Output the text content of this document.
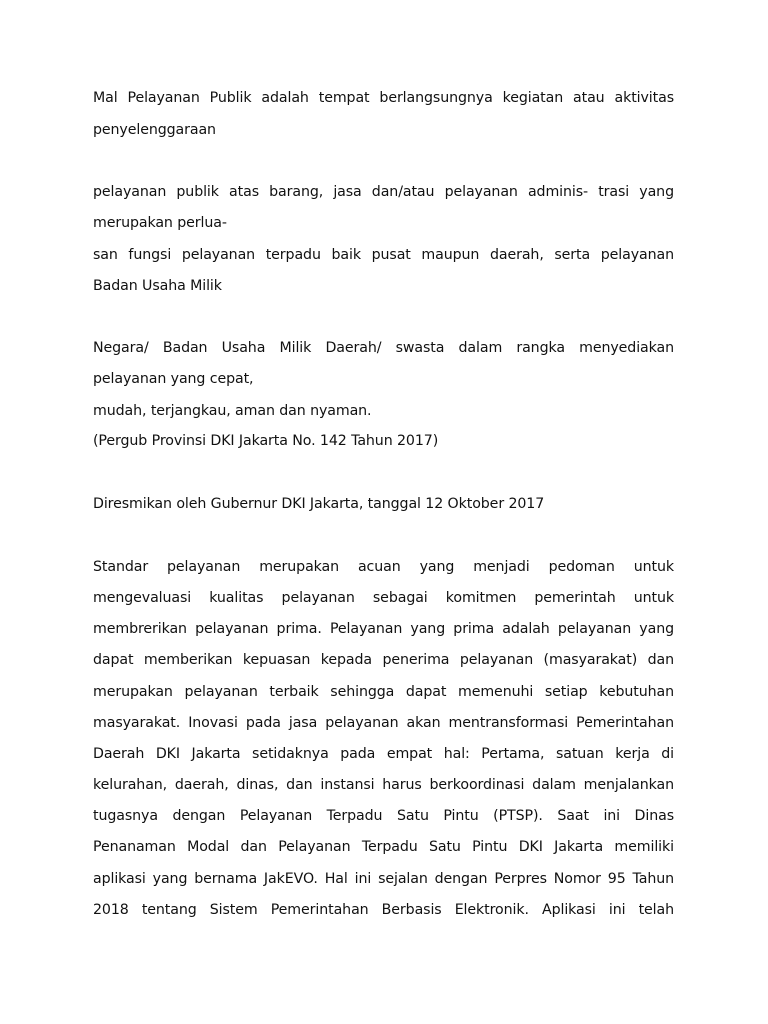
Mal Pelayanan Publik adalah tempat berlangsungnya kegiatan atau aktivitas
penyelenggaraan
pelayanan publik atas barang, jasa dan/atau pelayanan adminis- trasi yang
merupakan perlua-
san fungsi pelayanan terpadu baik pusat maupun daerah, serta pelayanan
Badan Usaha Milik
Negara/ Badan Usaha Milik Daerah/ swasta dalam rangka menyediakan
pelayanan yang cepat,
mudah, terjangkau, aman dan nyaman.
(Pergub Provinsi DKI Jakarta No. 142 Tahun 2017)
Diresmikan oleh Gubernur DKI Jakarta, tanggal 12 Oktober 2017
Standar pelayanan merupakan acuan yang menjadi pedoman untuk
mengevaluasi kualitas pelayanan sebagai komitmen pemerintah untuk
membrerikan pelayanan prima. Pelayanan yang prima adalah pelayanan yang
dapat memberikan kepuasan kepada penerima pelayanan (masyarakat) dan
merupakan pelayanan terbaik sehingga dapat memenuhi setiap kebutuhan
masyarakat. Inovasi pada jasa pelayanan akan mentransformasi Pemerintahan
Daerah DKI Jakarta setidaknya pada empat hal: Pertama, satuan kerja di
kelurahan, daerah, dinas, dan instansi harus berkoordinasi dalam menjalankan
tugasnya dengan Pelayanan Terpadu Satu Pintu (PTSP). Saat ini Dinas
Penanaman Modal dan Pelayanan Terpadu Satu Pintu DKI Jakarta memiliki
aplikasi yang bernama JakEVO. Hal ini sejalan dengan Perpres Nomor 95 Tahun
2018 tentang Sistem Pemerintahan Berbasis Elektronik. Aplikasi ini telah
